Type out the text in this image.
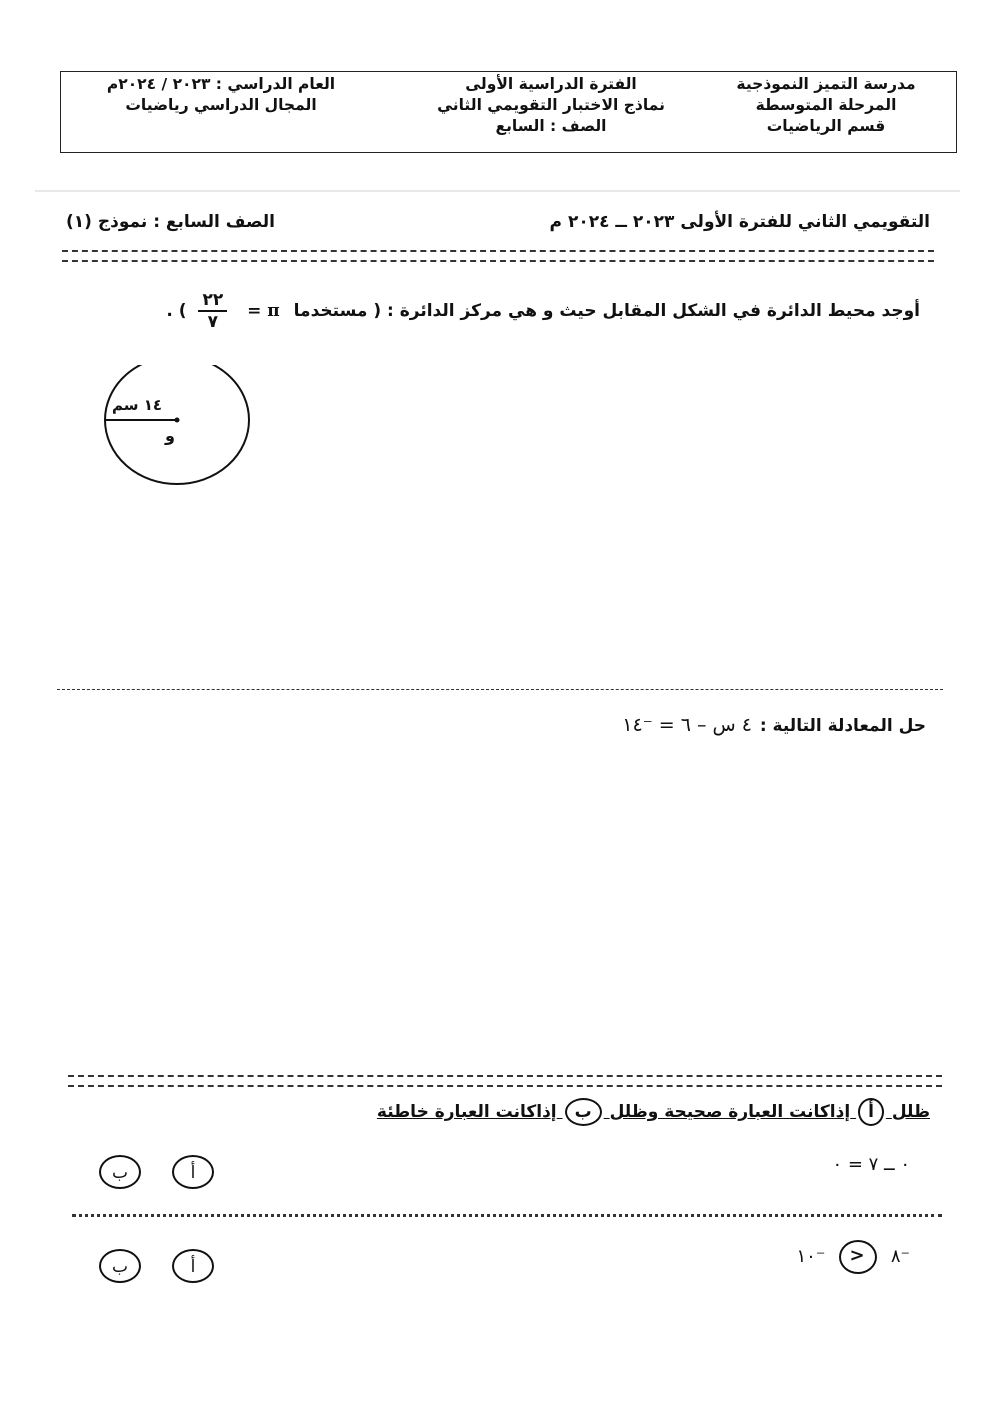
مدرسة التميز النموذجية
المرحلة المتوسطة
قسم الرياضيات
الفترة الدراسية الأولى
نماذج الاختبار التقويمي الثاني
الصف : السابع
العام الدراسي : ٢٠٢٣ / ٢٠٢٤م
المجال الدراسي رياضيات
التقويمي الثاني للفترة الأولى ٢٠٢٣ ــ ٢٠٢٤ م
الصف السابع : نموذج (١)
أوجد محيط الدائرة في الشكل المقابل حيث و هي مركز الدائرة : ( مستخدما π =
$\frac{٢٢}{٧}$
) .
١٤ سم
و
حل المعادلة التالية :
٤ س – ٦ = ⁻١٤
ظلل أ إذاكانت العبارة صحيحة وظلل ب إذاكانت العبارة خاطئة
٠ ــ ٧ = ٠
أ
ب
⁻٨ < ⁻١٠
أ
ب
